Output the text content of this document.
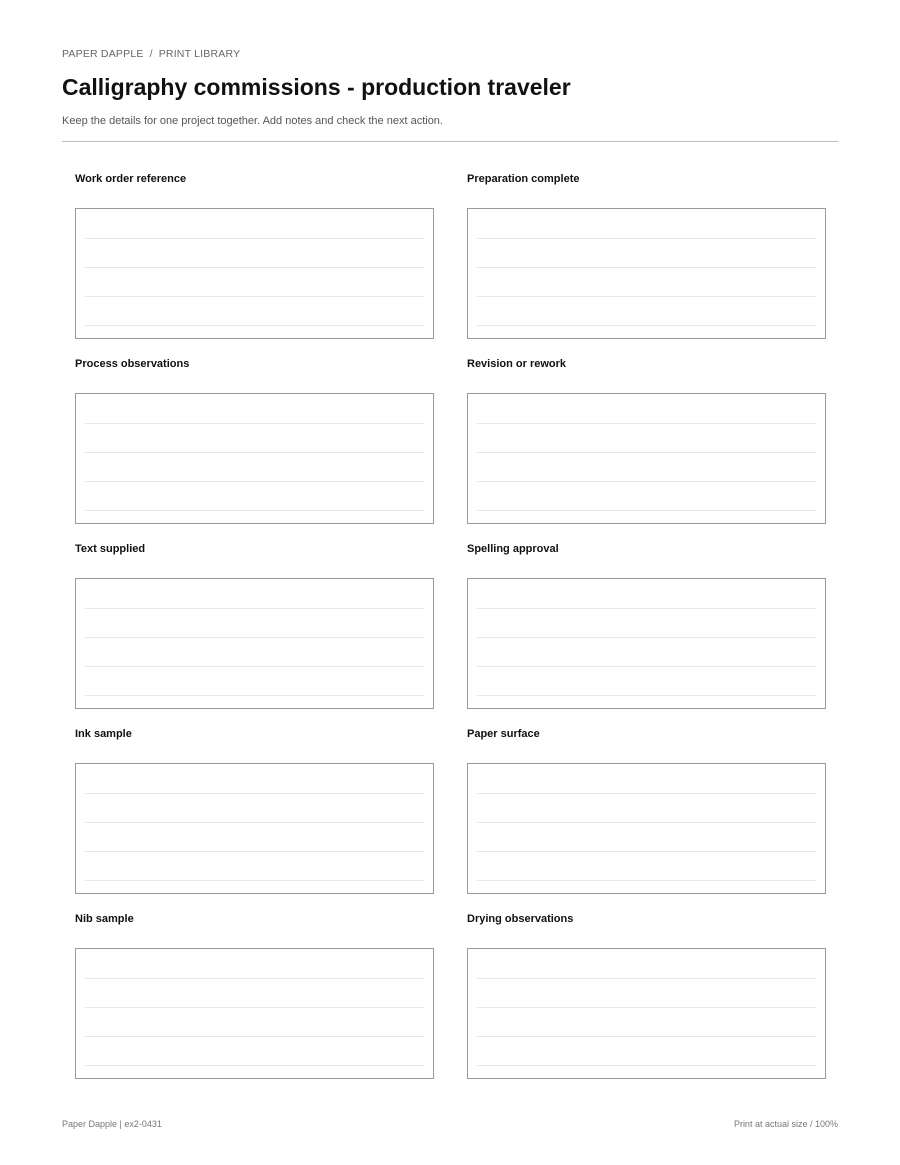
PAPER DAPPLE / PRINT LIBRARY
Calligraphy commissions - production traveler
Keep the details for one project together. Add notes and check the next action.
Work order reference	Preparation complete
Process observations	Revision or rework
Text supplied	Spelling approval
Ink sample	Paper surface
Nib sample	Drying observations
Paper Dapple | ex2-0431	Print at actual size / 100%
